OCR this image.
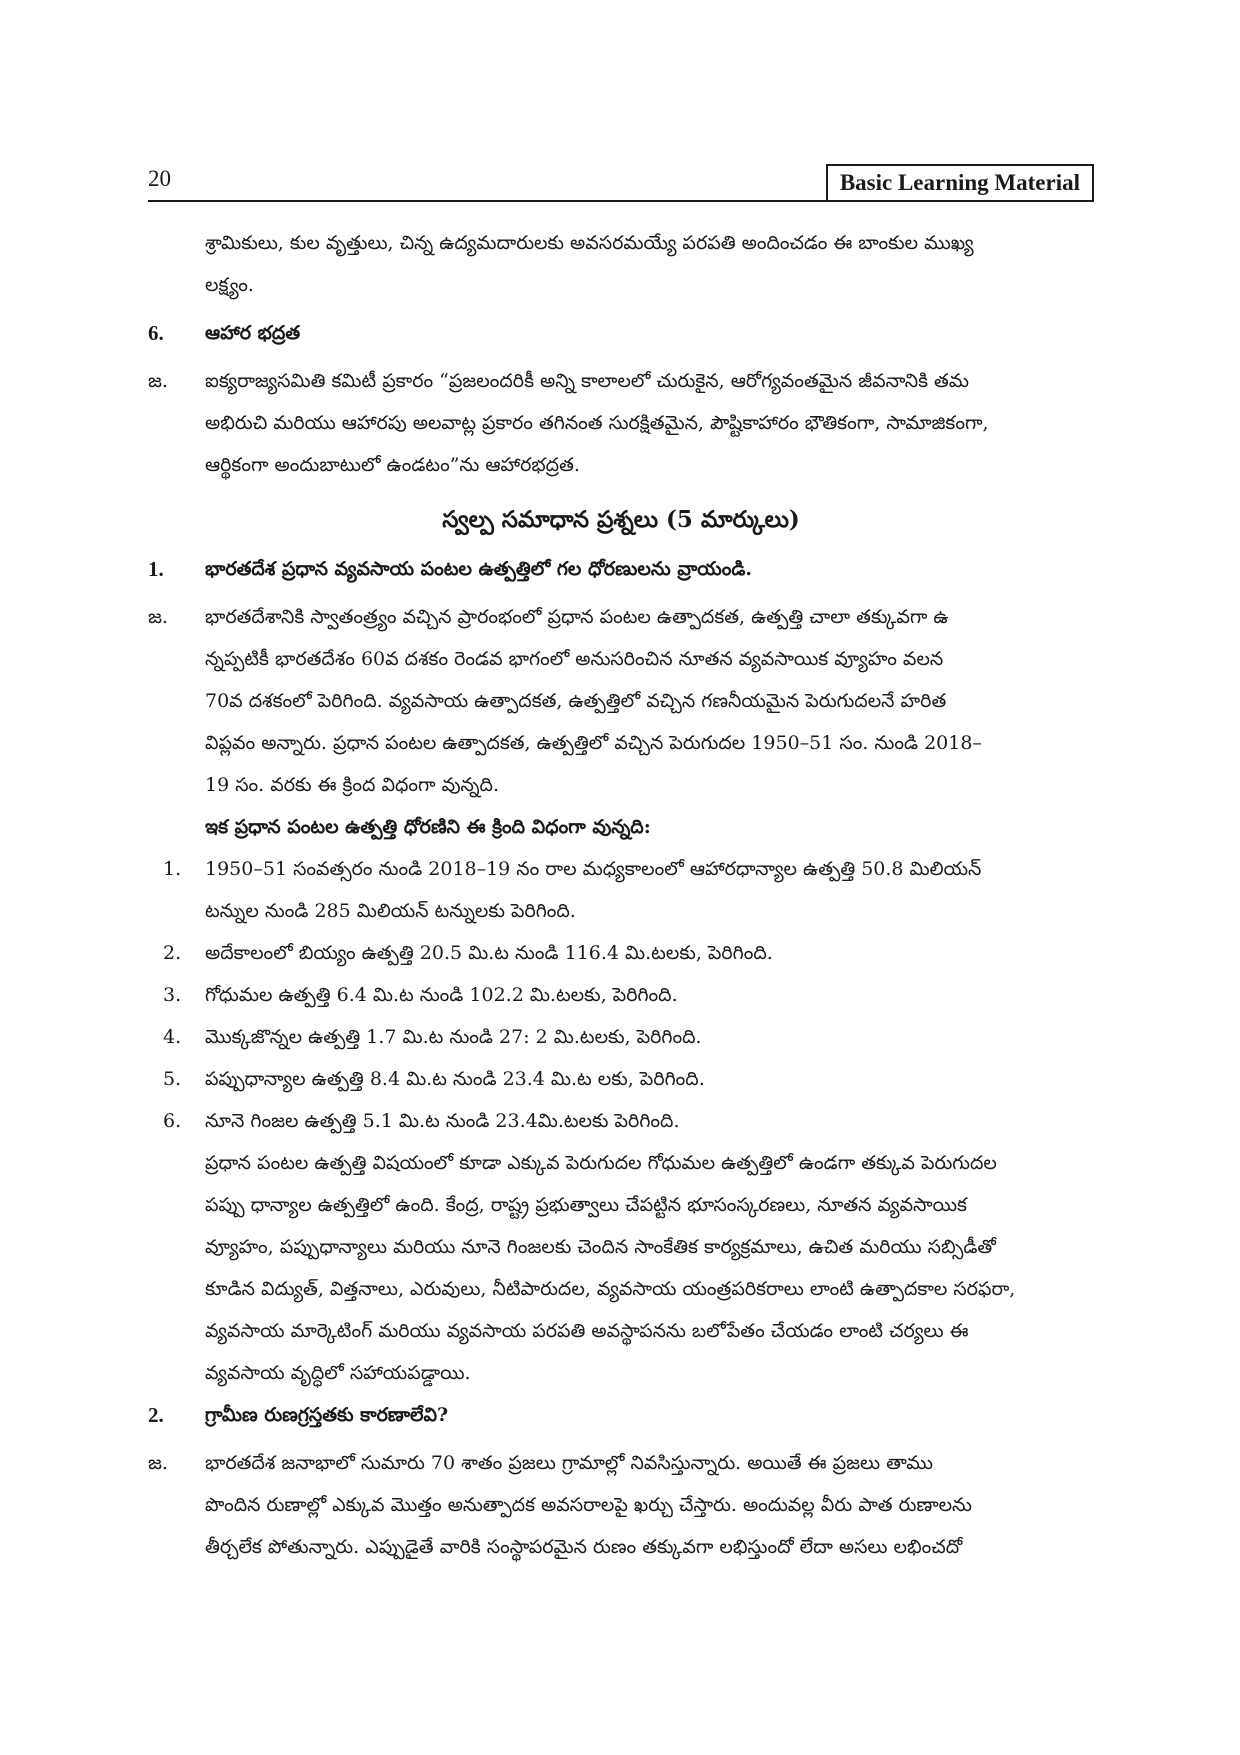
20	Basic Learning Material
శ్రామికులు, కుల వృత్తులు, చిన్న ఉద్యమదారులకు అవసరమయ్యే పరపతి అందించడం ఈ బాంకుల ముఖ్య
లక్ష్యం.
6.	ఆహార భద్రత
జ.	ఐక్యరాజ్యసమితి కమిటీ ప్రకారం “ప్రజలందరికీ అన్ని కాలాలలో చురుకైన, ఆరోగ్యవంతమైన జీవనానికి తమ
అభిరుచి మరియు ఆహారపు అలవాట్ల ప్రకారం తగినంత సురక్షితమైన, పౌష్టికాహారం భౌతికంగా, సామాజికంగా,
ఆర్థికంగా అందుబాటులో ఉండటం”ను ఆహారభద్రత.
స్వల్ప సమాధాన ప్రశ్నలు (5 మార్కులు)
1.	భారతదేశ ప్రధాన వ్యవసాయ పంటల ఉత్పత్తిలో గల ధోరణులను వ్రాయండి.
జ.	భారతదేశానికి స్వాతంత్ర్యం వచ్చిన ప్రారంభంలో ప్రధాన పంటల ఉత్పాదకత, ఉత్పత్తి చాలా తక్కువగా ఉ
న్నప్పటికీ భారతదేశం 60వ దశకం రెండవ భాగంలో అనుసరించిన నూతన వ్యవసాయిక వ్యూహం వలన
70వ దశకంలో పెరిగింది. వ్యవసాయ ఉత్పాదకత, ఉత్పత్తిలో వచ్చిన గణనీయమైన పెరుగుదలనే హరిత
విప్లవం అన్నారు. ప్రధాన పంటల ఉత్పాదకత, ఉత్పత్తిలో వచ్చిన పెరుగుదల 1950–51 సం. నుండి 2018–
19 సం. వరకు ఈ క్రింద విధంగా వున్నది.
ఇక ప్రధాన పంటల ఉత్పత్తి ధోరణిని ఈ క్రింది విధంగా వున్నది:
1.	1950–51 సంవత్సరం నుండి 2018–19 నం రాల మధ్యకాలంలో ఆహారధాన్యాల ఉత్పత్తి 50.8 మిలియన్
టన్నుల నుండి 285 మిలియన్ టన్నులకు పెరిగింది.
2.	అదేకాలంలో బియ్యం ఉత్పత్తి 20.5 మి.ట నుండి 116.4 మి.టలకు, పెరిగింది.
3.	గోధుమల ఉత్పత్తి 6.4 మి.ట నుండి 102.2 మి.టలకు, పెరిగింది.
4.	మొక్కజొన్నల ఉత్పత్తి 1.7 మి.ట నుండి 27: 2 మి.టలకు, పెరిగింది.
5.	పప్పుధాన్యాల ఉత్పత్తి 8.4 మి.ట నుండి 23.4 మి.ట లకు, పెరిగింది.
6.	నూనె గింజల ఉత్పత్తి 5.1 మి.ట నుండి 23.4మి.టలకు పెరిగింది.
ప్రధాన పంటల ఉత్పత్తి విషయంలో కూడా ఎక్కువ పెరుగుదల గోధుమల ఉత్పత్తిలో ఉండగా తక్కువ పెరుగుదల
పప్పు ధాన్యాల ఉత్పత్తిలో ఉంది. కేంద్ర, రాష్ట్ర ప్రభుత్వాలు చేపట్టిన భూసంస్కరణలు, నూతన వ్యవసాయిక
వ్యూహం, పప్పుధాన్యాలు మరియు నూనె గింజలకు చెందిన సాంకేతిక కార్యక్రమాలు, ఉచిత మరియు సబ్సిడీతో
కూడిన విద్యుత్, విత్తనాలు, ఎరువులు, నీటిపారుదల, వ్యవసాయ యంత్రపరికరాలు లాంటి ఉత్పాదకాల సరఫరా,
వ్యవసాయ మార్కెటింగ్ మరియు వ్యవసాయ పరపతి అవస్థాపనను బలోపేతం చేయడం లాంటి చర్యలు ఈ
వ్యవసాయ వృద్ధిలో సహాయపడ్డాయి.
2.	గ్రామీణ రుణగ్రస్తతకు కారణాలేవి?
జ.	భారతదేశ జనాభాలో సుమారు 70 శాతం ప్రజలు గ్రామాల్లో నివసిస్తున్నారు. అయితే ఈ ప్రజలు తాము
పొందిన రుణాల్లో ఎక్కువ మొత్తం అనుత్పాదక అవసరాలపై ఖర్చు చేస్తారు. అందువల్ల వీరు పాత రుణాలను
తీర్చలేక పోతున్నారు. ఎప్పుడైతే వారికి సంస్థాపరమైన రుణం తక్కువగా లభిస్తుందో లేదా అసలు లభించదో
